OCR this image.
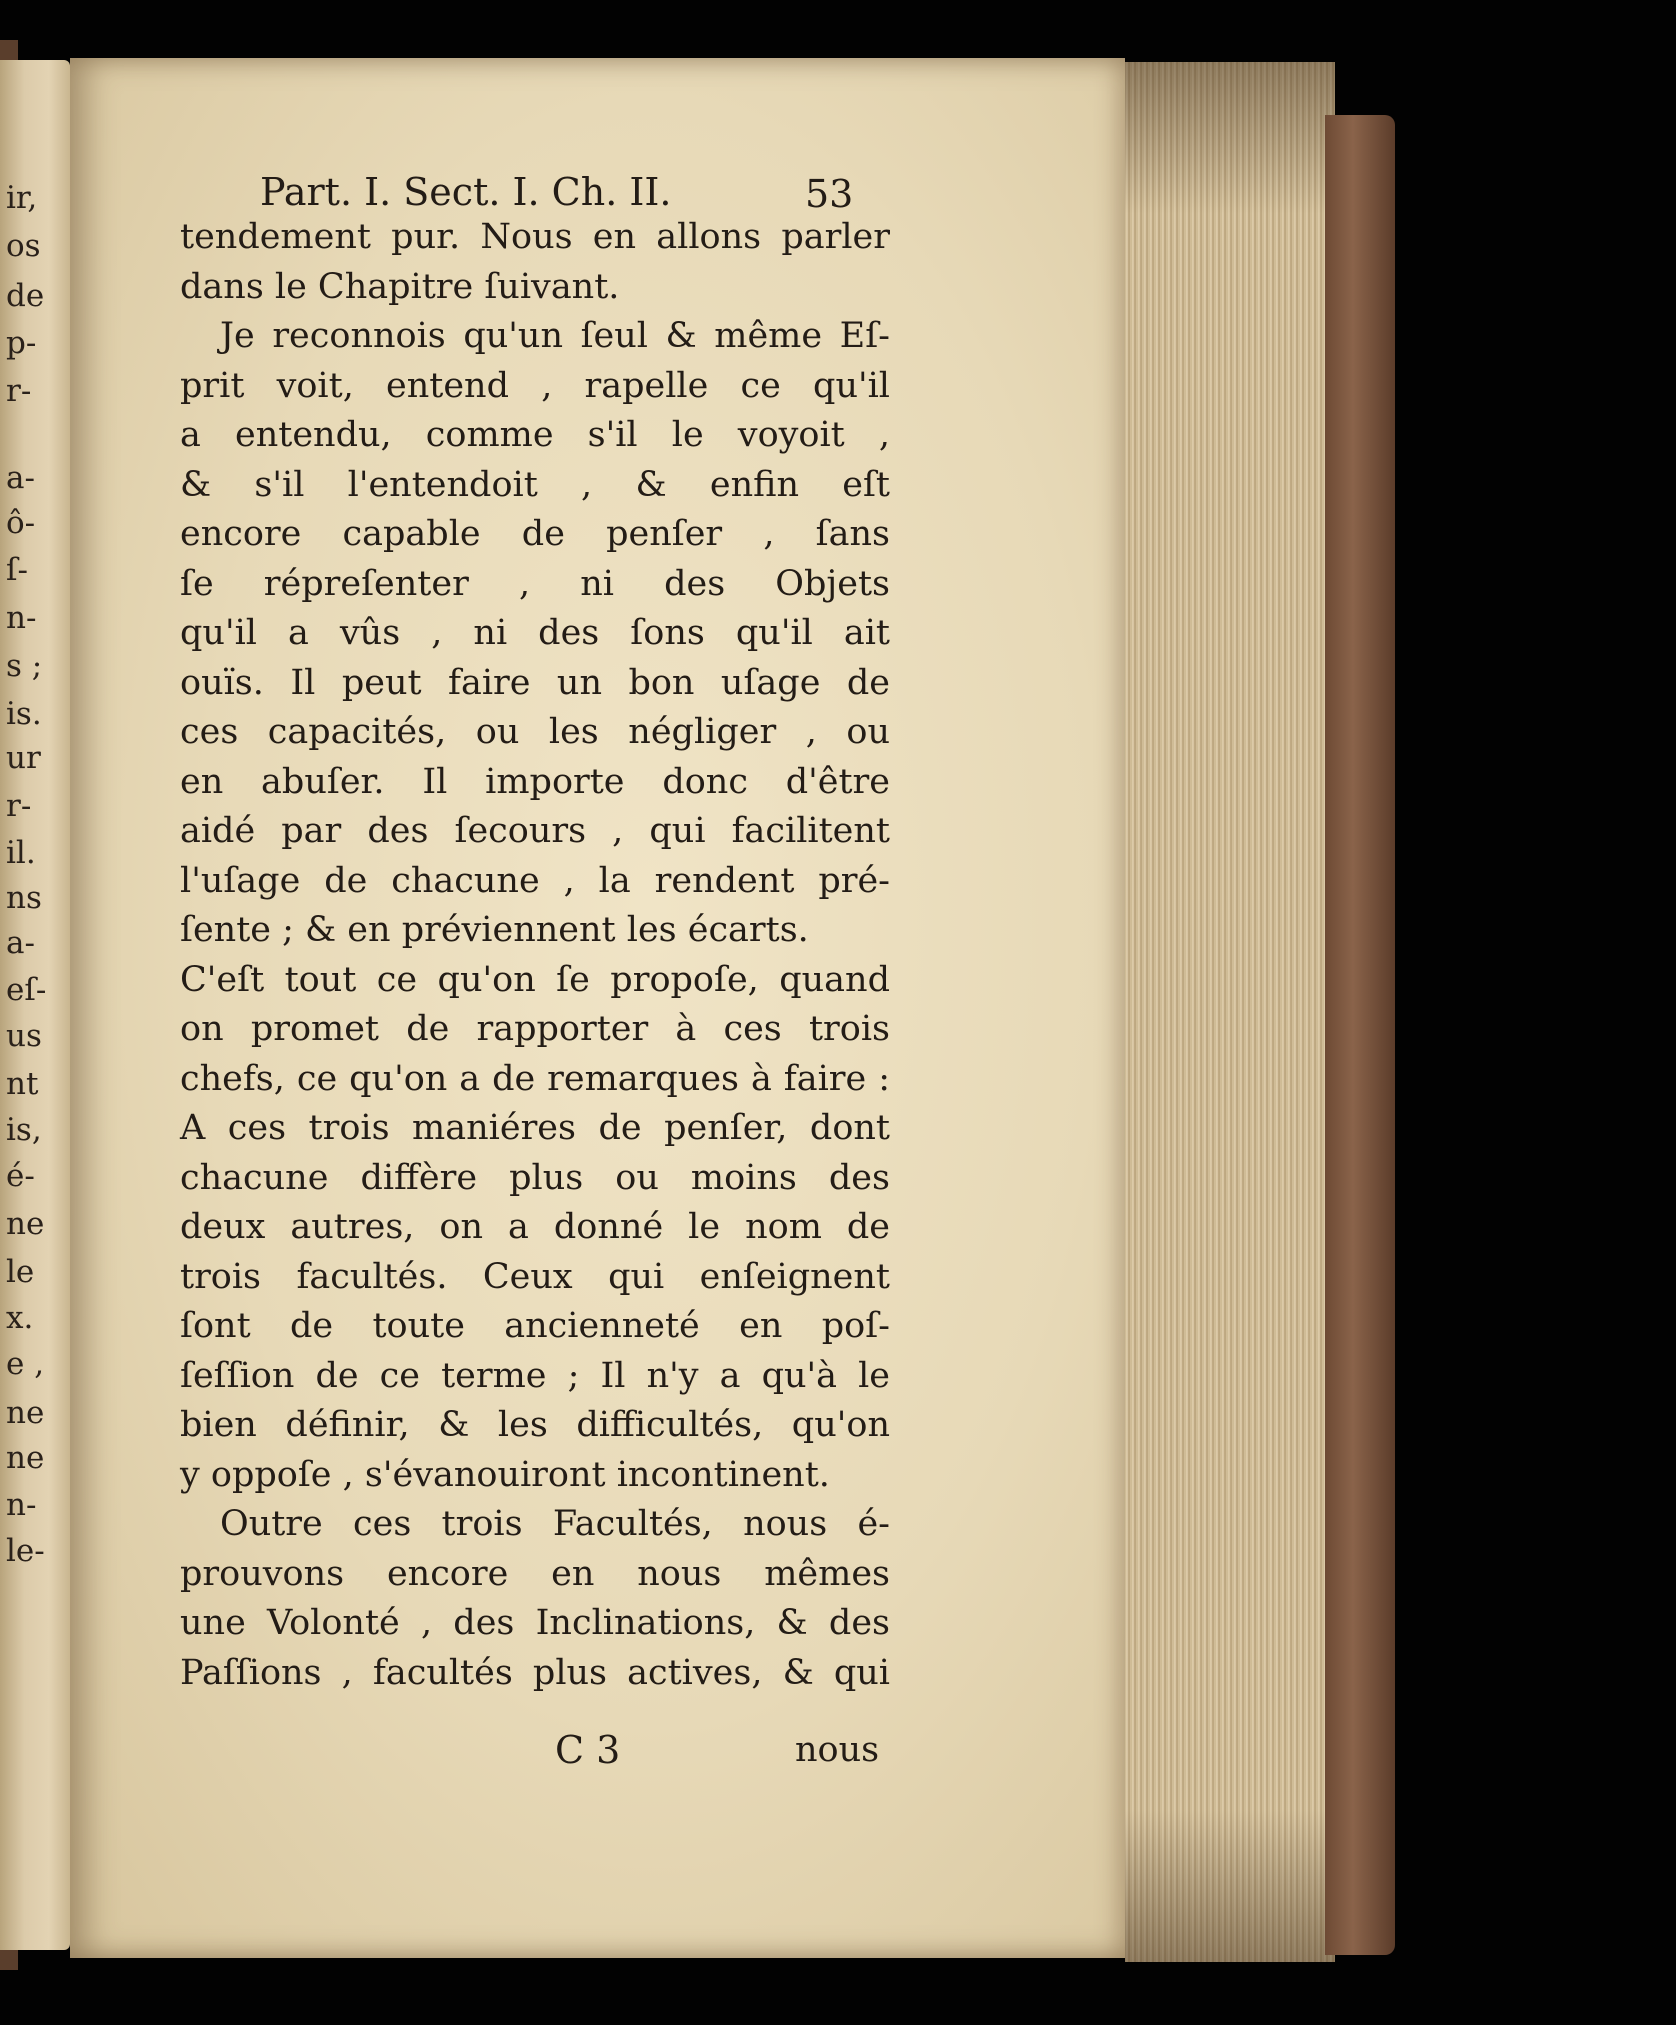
ir,
os
de
p-
r-
a-
ô-
ſ-
n-
s ;
is.
ur
r-
il.
ns
a-
eſ-
us
nt
is,
é-
ne
le
x.
e ,
ne
ne
n-
le-
Part. I. Sect. I. Ch. II.	53
tendement pur. Nous en allons parler
dans le Chapitre ſuivant.
Je reconnois qu'un ſeul & même Eſ-
prit voit, entend , rapelle ce qu'il
a entendu, comme s'il le voyoit ,
& s'il l'entendoit , & enfin eſt
encore capable de penſer , ſans
ſe répreſenter , ni des Objets
qu'il a vûs , ni des ſons qu'il ait
ouïs. Il peut faire un bon uſage de
ces capacités, ou les négliger , ou
en abuſer. Il importe donc d'être
aidé par des ſecours , qui facilitent
l'uſage de chacune , la rendent pré-
ſente ; & en préviennent les écarts.
C'eſt tout ce qu'on ſe propoſe, quand
on promet de rapporter à ces trois
chefs, ce qu'on a de remarques à faire :
A ces trois maniéres de penſer, dont
chacune diffère plus ou moins des
deux autres, on a donné le nom de
trois facultés. Ceux qui enſeignent
ſont de toute ancienneté en poſ-
ſeſſion de ce terme ; Il n'y a qu'à le
bien définir, & les difficultés, qu'on
y oppoſe , s'évanouiront incontinent.
Outre ces trois Facultés, nous é-
prouvons encore en nous mêmes
une Volonté , des Inclinations, & des
Paſſions , facultés plus actives, & qui
C 3	nous
